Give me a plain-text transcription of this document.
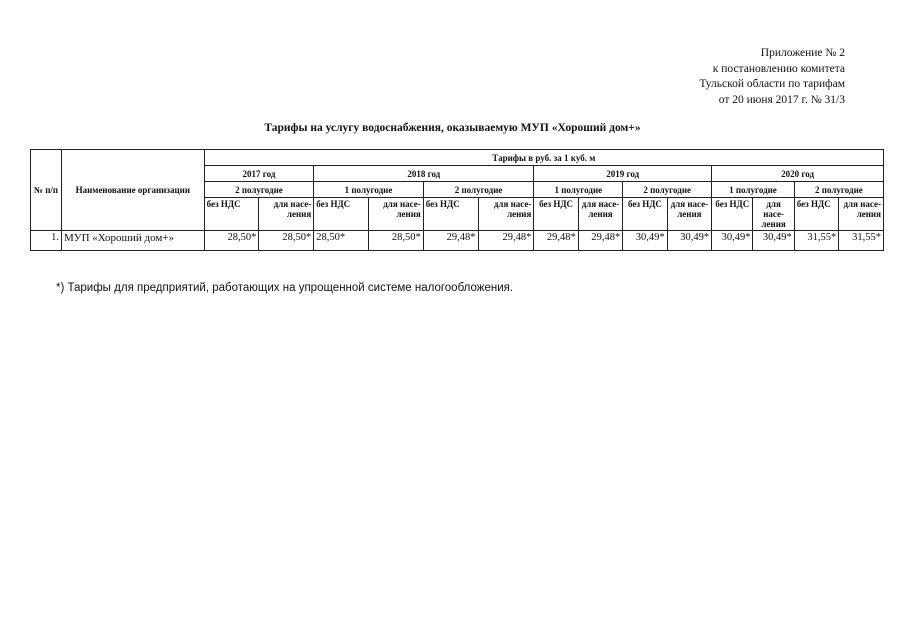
Приложение № 2
к постановлению комитета
Тульской области по тарифам
от 20 июня 2017 г. № 31/3
Тарифы на услугу водоснабжения, оказываемую МУП «Хороший дом+»
№ п/п	Наименование организации	Тарифы в руб. за 1 куб. м													
		2017 год		2018 год				2019 год				2020 год			
		2 полугодие		1 полугодие		2 полугодие		1 полугодие		2 полугодие		1 полугодие		2 полугодие	
		без НДС	для насе-ления	без НДС	для насе-ления	без НДС	для насе-ления	без НДС	для насе-ления	без НДС	для насе-ления	без НДС	для насе-ления	без НДС	для насе-ления
1.	МУП «Хороший дом+»	28,50*	28,50*	28,50*	28,50*	29,48*	29,48*	29,48*	29,48*	30,49*	30,49*	30,49*	30,49*	31,55*	31,55*
*) Тарифы для предприятий, работающих на упрощенной системе налогообложения.
